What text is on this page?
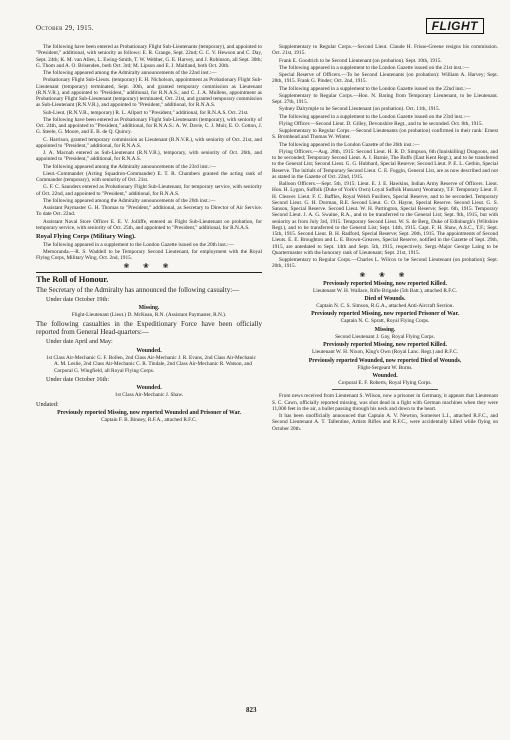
October 29, 1915.	FLIGHT

The following have been entered as Probationary Flight Sub-Lieutenants (temporary), and appointed to "President," additional, with seniority as follows: E. R. Grange, Sept. 22nd; G. C. V. Hewson and C. Day, Sept. 24th; K. M. van Allen, L. Ewing-Smith, T. W. Webber, G. E. Harvey, and J. Robinson, all Sept. 30th; G. Thom and A. O. Brisenden, both Oct. 3rd; M. Lipson and E. J. Maitland, both Oct. 20th.

The following appeared among the Admiralty announcements of the 22nd inst.:—

Probationary Flight Sub-Lieuts. (temporary) E. H. Nicholson, appointment as Probationary Flight Sub-Lieutenant (temporary) terminated, Sept. 30th, and granted temporary commission as Lieutenant (R.N.V.R.), and appointed to "President," additional, for R.N.A.S.; and C. J. A. Mullens, appointment as Probationary Flight Sub-Lieutenant (temporary) terminated, Oct. 21st, and granted temporary commission as Sub-Lieutenant (R.N.V.R.), and appointed to "President," additional, for R.N.A.S.

Sub-Lieut. (R.N.V.R., temporary) R. L. Allport to "President," additional, for R.N.A.S. Oct. 21st.

The following have been entered as Probationary Flight Sub-Lieutenants (temporary), with seniority of Oct. 24th, and appointed to "President," additional, for R.N.A.S.: A. W. Davie, C. J. Muir, E. O. Cotton, J. G. Steele, G. Moore, and E. B. de Q. Quincy.

C. Harrison, granted temporary commission as Lieutenant (R.N.V.R.), with seniority of Oct. 21st, and appointed to "President," additional, for R.N.A.S.

J. A. Macnab entered as Sub-Lieutenant (R.N.V.R.), temporary, with seniority of Oct. 26th, and appointed to "President," additional, for R.N.A.S.

The following appeared among the Admiralty announcements of the 23rd inst.:—

Lieut.-Commander (Acting Squadron-Commander) E. T. R. Chambers granted the acting rank of Commander (temporary), with seniority of Oct. 21st.

G. F. C. Saunders entered as Probationary Flight Sub-Lieutenant, for temporary service, with seniority of Oct. 22nd, and appointed to "President," additional, for R.N.A.S.

The following appeared among the Admiralty announcements of the 26th inst.:—

Assistant Paymaster G. H. Thomas to "President," additional, as Secretary to Director of Air Service. To date Oct. 22nd.

Assistant Naval Store Officer E. E. V. Jolliffe, entered as Flight Sub-Lieutenant on probation, for temporary service, with seniority of Oct. 25th, and appointed to "President," additional, for R.N.A.S.

Royal Flying Corps (Military Wing).

The following appeared in a supplement to the London Gazette issued on the 20th inst.:—

Memoranda.—R. S. Waddell to be Temporary Second Lieutenant, for employment with the Royal Flying Corps, Military Wing. Oct. 2nd, 1915.

❀ ❀ ❀

The Roll of Honour.

The Secretary of the Admiralty has announced the following casualty:—

Under date October 19th:

Missing.

Flight-Lieutenant (Lieut.) D. McKean, R.N. (Assistant Paymaster, R.N.).

The following casualties in the Expeditionary Force have been officially reported from General Head-quarters:—

Under date April and May:

Wounded.

1st Class Air-Mechanic G. F. Bollen, 2nd Class Air-Mechanic J. R. Evans, 2nd Class Air-Mechanic A. M. Leslie, 2nd Class Air-Mechanic C. R. Tindale, 2nd Class Air-Mechanic R. Watson, and Corporal G. Wingfield, all Royal Flying Corps.

Under date October 16th:

Wounded.

1st Class Air-Mechanic J. Shaw.

Undated:

Previously reported Missing, now reported Wounded and Prisoner of War.

Captain F. B. Binney, R.F.A., attached R.F.C.

Supplementary to Regular Corps.—Second Lieut. Claude H. Frisse-Greene resigns his commission. Oct. 21st, 1915.

Frank E. Goodrich to be Second Lieutenant (on probation). Sept. 10th, 1915.

The following appeared in a supplement to the London Gazette issued on the 21st inst.:—

Special Reserve of Officers.—To be Second Lieutenants (on probation): William A. Harvey; Sept. 28th, 1915. Frank G. Pinder; Oct. 2nd, 1915.

The following appeared in a supplement to the London Gazette issued on the 22nd inst.:—

Supplementary to Regular Corps.—Hon. N. Baring from Temporary Lieutenant, to be Lieutenant. Sept. 27th, 1915.

Sydney Dalrymple to be Second Lieutenant (on probation). Oct. 11th, 1915.

The following appeared in a supplement to the London Gazette issued on the 23rd inst.:—

Flying Officer.—Second Lieut. D. Gilley, Devonshire Regt., and to be seconded. Oct. 8th, 1915.

Supplementary to Regular Corps.—Second Lieutenants (on probation) confirmed in their rank: Ernest S. Bromhead and Thomas W. Winter.

The following appeared in the London Gazette of the 26th inst.:—

Flying Officers.—Aug. 28th, 1915: Second Lieut. H. R. D. Simpson, 6th (Inniskilling) Dragoons, and to be seconded; Temporary Second Lieut. A. I. Barnie, The Buffs (East Kent Regt.), and to be transferred to the General List; Second Lieut. G. G. Hubbard, Special Reserve; Second Lieut. P. E. L. Gethin, Special Reserve. The initials of Temporary Second Lieut. C. E. Foggin, General List, are as now described and not as stated in the Gazette of Oct. 22nd, 1915.

Balloon Officers.—Sept. 5th, 1915: Lieut. E. J. E. Hawkins, Indian Army Reserve of Officers. Lieut. Hon. H. Lygon, Suffolk (Duke of York's Own) Loyal Suffolk Hussars) Yeomanry, T.F. Temporary Lieut. F. H. Cleaver. Lieut. F. C. Baffles, Royal Welsh Fusiliers, Special Reserve, and to be seconded. Temporary Second Lieut. G. H. Dorman, R.E. Second Lieut. G. O. Hayne, Special Reserve. Second Lieut. G. S. Sanson, Special Reserve. Second Lieut. W. H. Partington, Special Reserve; Sept. 6th, 1915. Temporary Second Lieut. J. A. G. Swaine, R.A., and to be transferred to the General List; Sept. 9th, 1915, but with seniority as from July 3rd, 1915. Temporary Second Lieut. W. S. de Berg, Duke of Edinburgh's (Wiltshire Regt.), and to be transferred to the General List; Sept. 14th, 1915. Capt. F. H. Shaw, A.S.C., T.F.; Sept. 15th, 1915. Second Lieut. B. H. Radford, Special Reserve; Sept. 20th, 1915. The appointments of Second Lieuts. E. E. Broughton and L. E. Brown-Greaves, Special Reserve, notified in the Gazette of Sept. 29th, 1915, are antedated to Sept. 14th and Sept. 5th, 1915, respectively. Sergt.-Major George Laing to be Quartermaster with the honorary rank of Lieutenant; Sept. 21st, 1915.

Supplementary to Regular Corps.—Charles L. Wilcox to be Second Lieutenant (on probation); Sept. 20th, 1915.

❀ ❀ ❀

Previously reported Missing, now reported Killed.

Lieutenant W. H. Wallace, Rifle Brigade (5th Batt.), attached R.F.C.

Died of Wounds.

Captain N. C. S. Simson, R.G.A., attached Anti-Aircraft Section.

Previously reported Missing, now reported Prisoner of War.

Captain N. C. Spratt, Royal Flying Corps.

Missing.

Second Lieutenant J. Gay, Royal Flying Corps.

Previously reported Missing, now reported Killed.

Lieutenant W. H. Nixon, King's Own (Royal Lanc. Regt.) and R.F.C.

Previously reported Wounded, now reported Died of Wounds.

Flight-Sergeant W. Burns.

Wounded.

Corporal E. F. Roberts, Royal Flying Corps.

From news received from Lieutenant S. Wilson, now a prisoner in Germany, it appears that Lieutenant S. C. Cawn, officially reported missing, was shot dead in a fight with German machines when they were 11,000 feet in the air, a bullet passing through his neck and down to the heart.

It has been unofficially announced that Captain A. V. Newton, Somerset L.I., attached R.F.C., and Second Lieutenant A. T. Tallentine, Artists Rifles and R.F.C., were accidentally killed while flying on October 20th.

823
